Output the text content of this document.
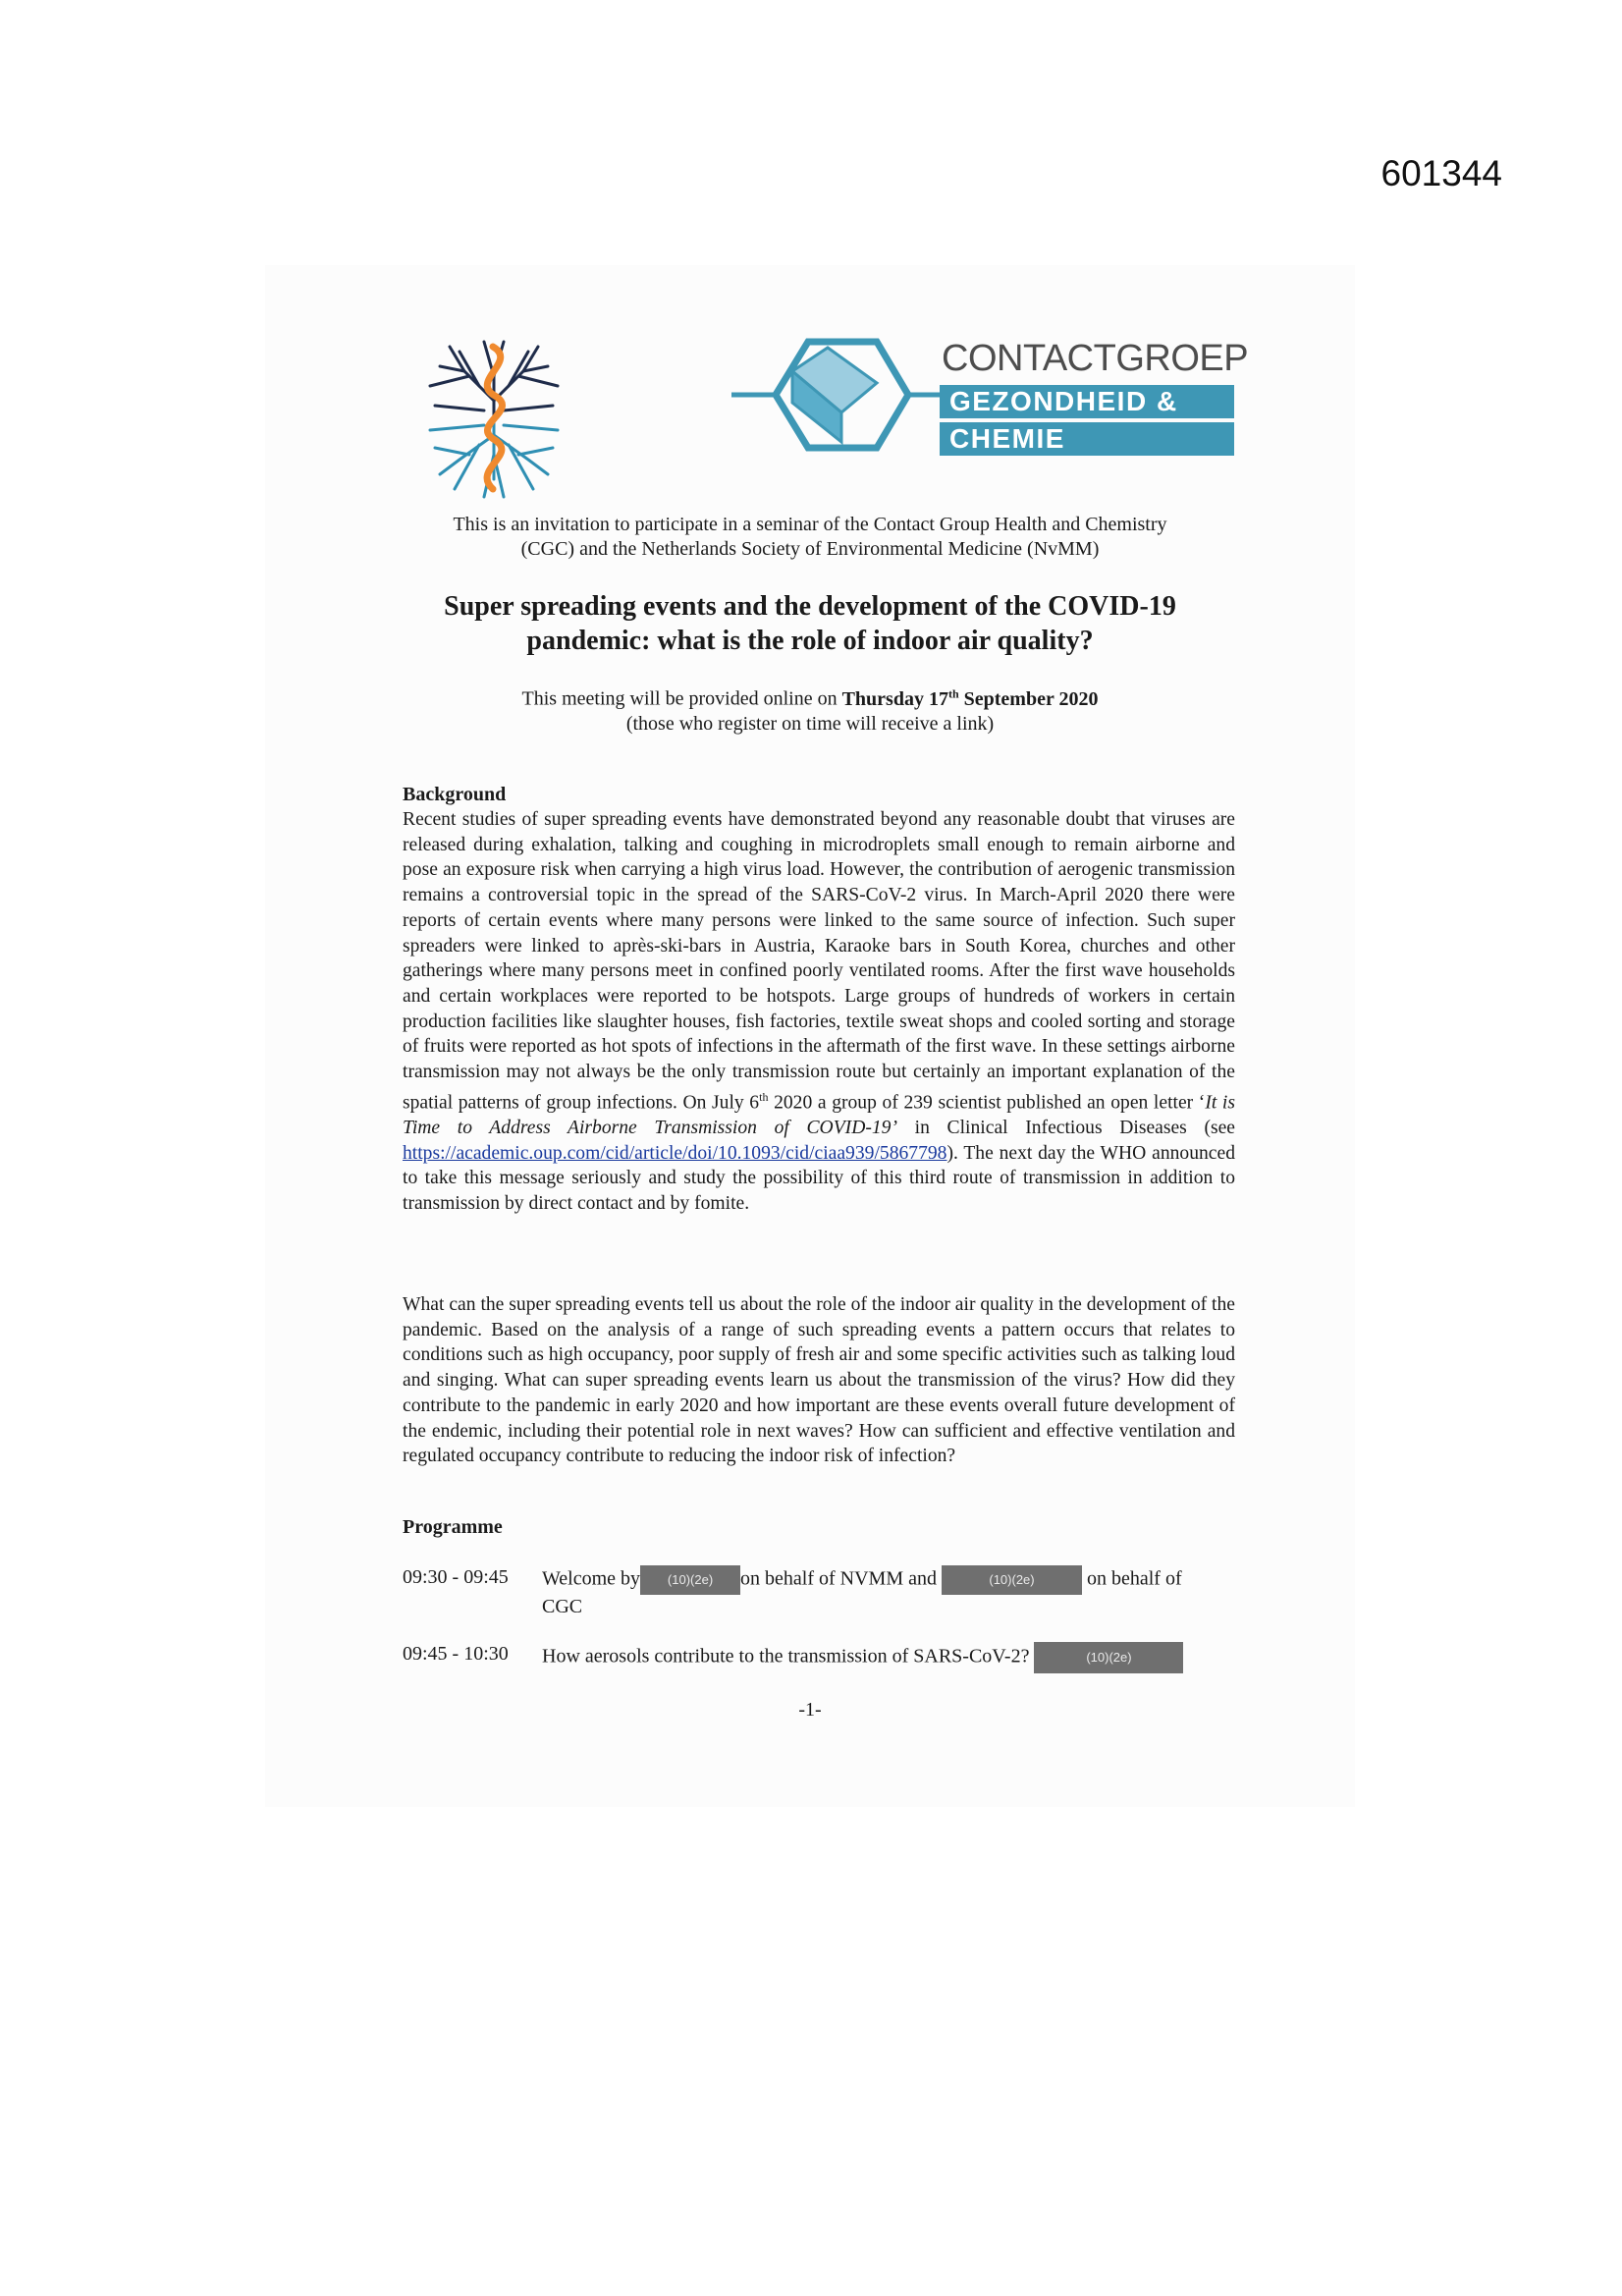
601344
CONTACTGROEP
GEZONDHEID &
CHEMIE
This is an invitation to participate in a seminar of the Contact Group Health and Chemistry
(CGC) and the Netherlands Society of Environmental Medicine (NvMM)
Super spreading events and the development of the COVID-19
pandemic: what is the role of indoor air quality?
This meeting will be provided online on Thursday 17th September 2020
(those who register on time will receive a link)
Background
Recent studies of super spreading events have demonstrated beyond any reasonable doubt that viruses are released during exhalation, talking and coughing in microdroplets small enough to remain airborne and pose an exposure risk when carrying a high virus load. However, the contribution of aerogenic transmission remains a controversial topic in the spread of the SARS-CoV-2 virus. In March-April 2020 there were reports of certain events where many persons were linked to the same source of infection. Such super spreaders were linked to après-ski-bars in Austria, Karaoke bars in South Korea, churches and other gatherings where many persons meet in confined poorly ventilated rooms. After the first wave households and certain workplaces were reported to be hotspots. Large groups of hundreds of workers in certain production facilities like slaughter houses, fish factories, textile sweat shops and cooled sorting and storage of fruits were reported as hot spots of infections in the aftermath of the first wave. In these settings airborne transmission may not always be the only transmission route but certainly an important explanation of the spatial patterns of group infections. On July 6th 2020 a group of 239 scientist published an open letter ‘It is Time to Address Airborne Transmission of COVID-19’ in Clinical Infectious Diseases (see https://academic.oup.com/cid/article/doi/10.1093/cid/ciaa939/5867798). The next day the WHO announced to take this message seriously and study the possibility of this third route of transmission in addition to transmission by direct contact and by fomite.
What can the super spreading events tell us about the role of the indoor air quality in the development of the pandemic. Based on the analysis of a range of such spreading events a pattern occurs that relates to conditions such as high occupancy, poor supply of fresh air and some specific activities such as talking loud and singing. What can super spreading events learn us about the transmission of the virus? How did they contribute to the pandemic in early 2020 and how important are these events overall future development of the endemic, including their potential role in next waves? How can sufficient and effective ventilation and regulated occupancy contribute to reducing the indoor risk of infection?
Programme
09:30 - 09:45 Welcome by (10)(2e) on behalf of NVMM and	(10)(2e)	on behalf of
CGC
09:45 - 10:30 How aerosols contribute to the transmission of SARS-CoV-2?	(10)(2e)
-1-
